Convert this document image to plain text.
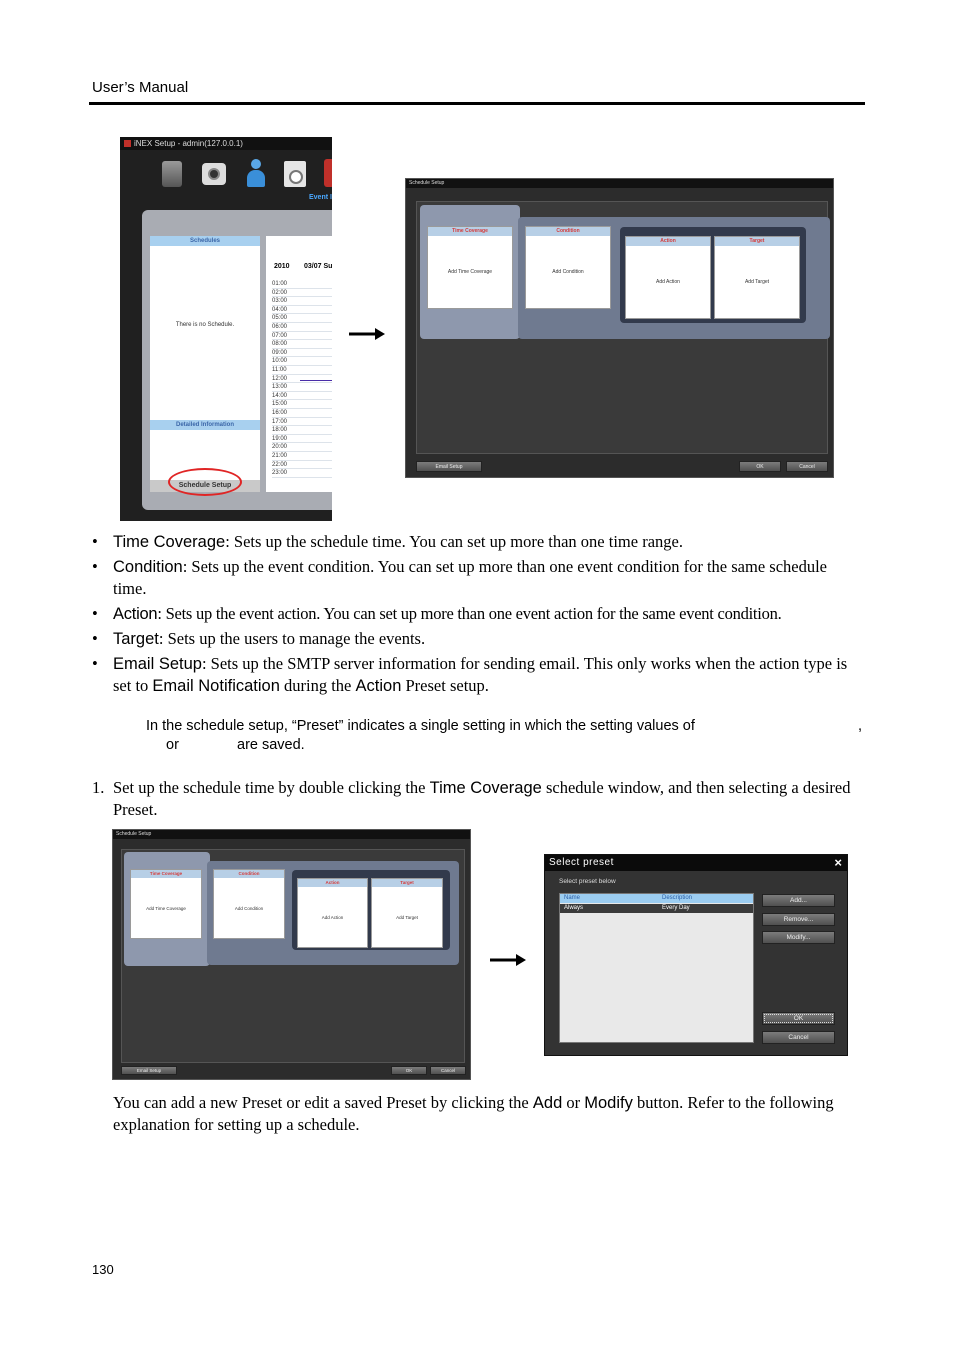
User’s Manual
iNEX Setup - admin(127.0.0.1)
Event I
Schedules
There is no Schedule.
Detailed Information
Schedule Setup
2010 03/07 Su
01:00
02:00
03:00
04:00
05:00
06:00
07:00
08:00
09:00
10:00
11:00
12:00
13:00
14:00
15:00
16:00
17:00
18:00
19:00
20:00
21:00
22:00
23:00
Schedule Setup
Time Coverage
Add Time Coverage
Condition
Add Condition
Action
Add Action
Target
Add Target
Email Setup	OK	Cancel
• Time Coverage: Sets up the schedule time. You can set up more than one time range.
• Condition: Sets up the event condition. You can set up more than one event condition for the same schedule time.
• Action: Sets up the event action. You can set up more than one event action for the same event condition.
• Target: Sets up the users to manage the events.
• Email Setup: Sets up the SMTP server information for sending email. This only works when the action type is set to Email Notification during the Action Preset setup.
In the schedule setup, “Preset” indicates a single setting in which the setting values of	,
or	are saved.
1. Set up the schedule time by double clicking the Time Coverage schedule window, and then selecting a desired Preset.
Schedule Setup
Time Coverage
Add Time Coverage
Condition
Add Condition
Action
Add Action
Target
Add Target
Email Setup	OK	Cancel
Select preset	×
Select preset below
Name	Description
Always	Every Day
Add...
Remove...
Modify...
OK
Cancel
You can add a new Preset or edit a saved Preset by clicking the Add or Modify button. Refer to the following explanation for setting up a schedule.
130
